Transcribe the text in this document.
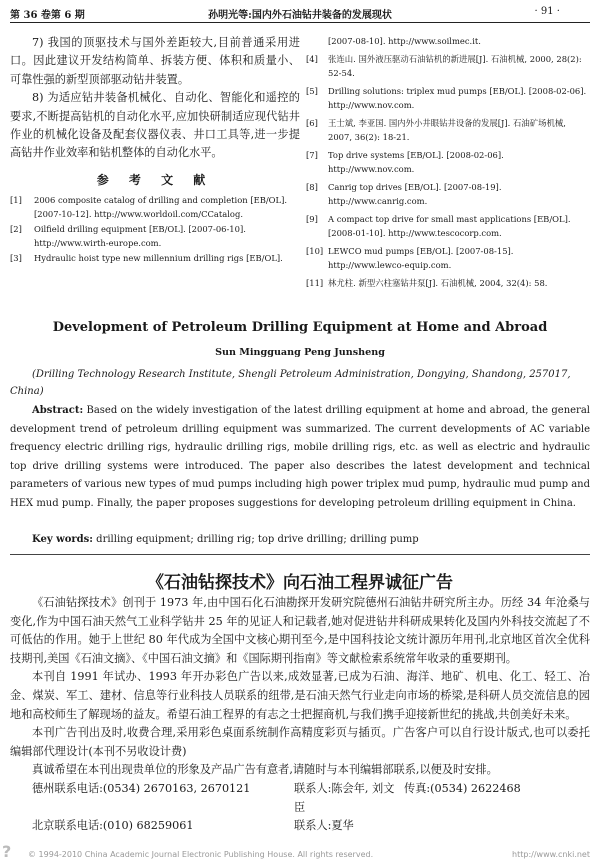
第 36 卷第 6 期	孙明光等:国内外石油钻井装备的发展现状	· 91 ·

7) 我国的顶驱技术与国外差距较大,目前普通采用进口。因此建议开发结构简单、拆装方便、体积和质量小、可靠性强的新型顶部驱动钻井装置。

8) 为适应钻井装备机械化、自动化、智能化和遥控的要求,不断提高钻机的自动化水平,应加快研制适应现代钻井作业的机械化设备及配套仪器仪表、井口工具等,进一步提高钻井作业效率和钻机整体的自动化水平。

参 考 文 献
[1]	2006 composite catalog of drilling and completion [EB/OL]. [2007-10-12]. http://www.worldoil.com/CCatalog.
[2]	Oilfield drilling equipment [EB/OL]. [2007-06-10]. http://www.wirth-europe.com.
[3]	Hydraulic hoist type new millennium drilling rigs [EB/OL].
[2007-08-10]. http://www.soilmec.it.
[4]	张连山. 国外液压驱动石油钻机的新进展[J]. 石油机械, 2000, 28(2): 52-54.
[5]	Drilling solutions: triplex mud pumps [EB/OL]. [2008-02-06]. http://www.nov.com.
[6]	王士斌, 李亚国. 国内外小井眼钻井设备的发展[J]. 石油矿场机械, 2007, 36(2): 18-21.
[7]	Top drive systems [EB/OL]. [2008-02-06]. http://www.nov.com.
[8]	Canrig top drives [EB/OL]. [2007-08-19]. http://www.canrig.com.
[9]	A compact top drive for small mast applications [EB/OL]. [2008-01-10]. http://www.tescocorp.com.
[10] LEWCO mud pumps [EB/OL]. [2007-08-15]. http://www.lewco-equip.com.
[11] 林尤柱. 新型六柱塞钻井泵[J]. 石油机械, 2004, 32(4): 58.
Development of Petroleum Drilling Equipment at Home and Abroad
Sun Mingguang Peng Junsheng
(Drilling Technology Research Institute, Shengli Petroleum Administration, Dongying, Shandong, 257017, China)
Abstract: Based on the widely investigation of the latest drilling equipment at home and abroad, the general development trend of petroleum drilling equipment was summarized. The current developments of AC variable frequency electric drilling rigs, hydraulic drilling rigs, mobile drilling rigs, etc. as well as electric and hydraulic top drive drilling systems were introduced. The paper also describes the latest development and technical parameters of various new types of mud pumps including high power triplex mud pump, hydraulic mud pump and HEX mud pump. Finally, the paper proposes suggestions for developing petroleum drilling equipment in China.
Key words: drilling equipment; drilling rig; top drive drilling; drilling pump
《石油钻探技术》向石油工程界诚征广告

《石油钻探技术》创刊于 1973 年,由中国石化石油勘探开发研究院德州石油钻井研究所主办。历经 34 年沧桑与变化,作为中国石油天然气工业科学钻井 25 年的见证人和记载者,她对促进钻井科研成果转化及国内外科技交流起了不可低估的作用。她于上世纪 80 年代成为全国中文核心期刊至今,是中国科技论文统计源历年用刊,北京地区首次全优科技期刊,美国《石油文摘》、《中国石油文摘》和《国际期刊指南》等文献检索系统常年收录的重要期刊。

本刊自 1991 年试办、1993 年开办彩色广告以来,成效显著,已成为石油、海洋、地矿、机电、化工、轻工、冶金、煤炭、军工、建材、信息等行业科技人员联系的纽带,是石油天然气行业走向市场的桥梁,是科研人员交流信息的园地和高校师生了解现场的益友。希望石油工程界的有志之士把握商机,与我们携手迎接新世纪的挑战,共创美好未来。

本刊广告刊出及时,收费合理,采用彩色桌面系统制作高精度彩页与插页。广告客户可以自行设计版式,也可以委托编辑部代理设计(本刊不另收设计费)

真诚希望在本刊出现贵单位的形象及产品广告有意者,请随时与本刊编辑部联系,以便及时安排。

德州联系电话:(0534) 2670163, 2670121	联系人:陈会年, 刘文臣
传真:(0534) 2622468
北京联系电话:(010) 68259061	联系人:夏华
? © 1994-2010 China Academic Journal Electronic Publishing House. All rights reserved.	http://www.cnki.net
